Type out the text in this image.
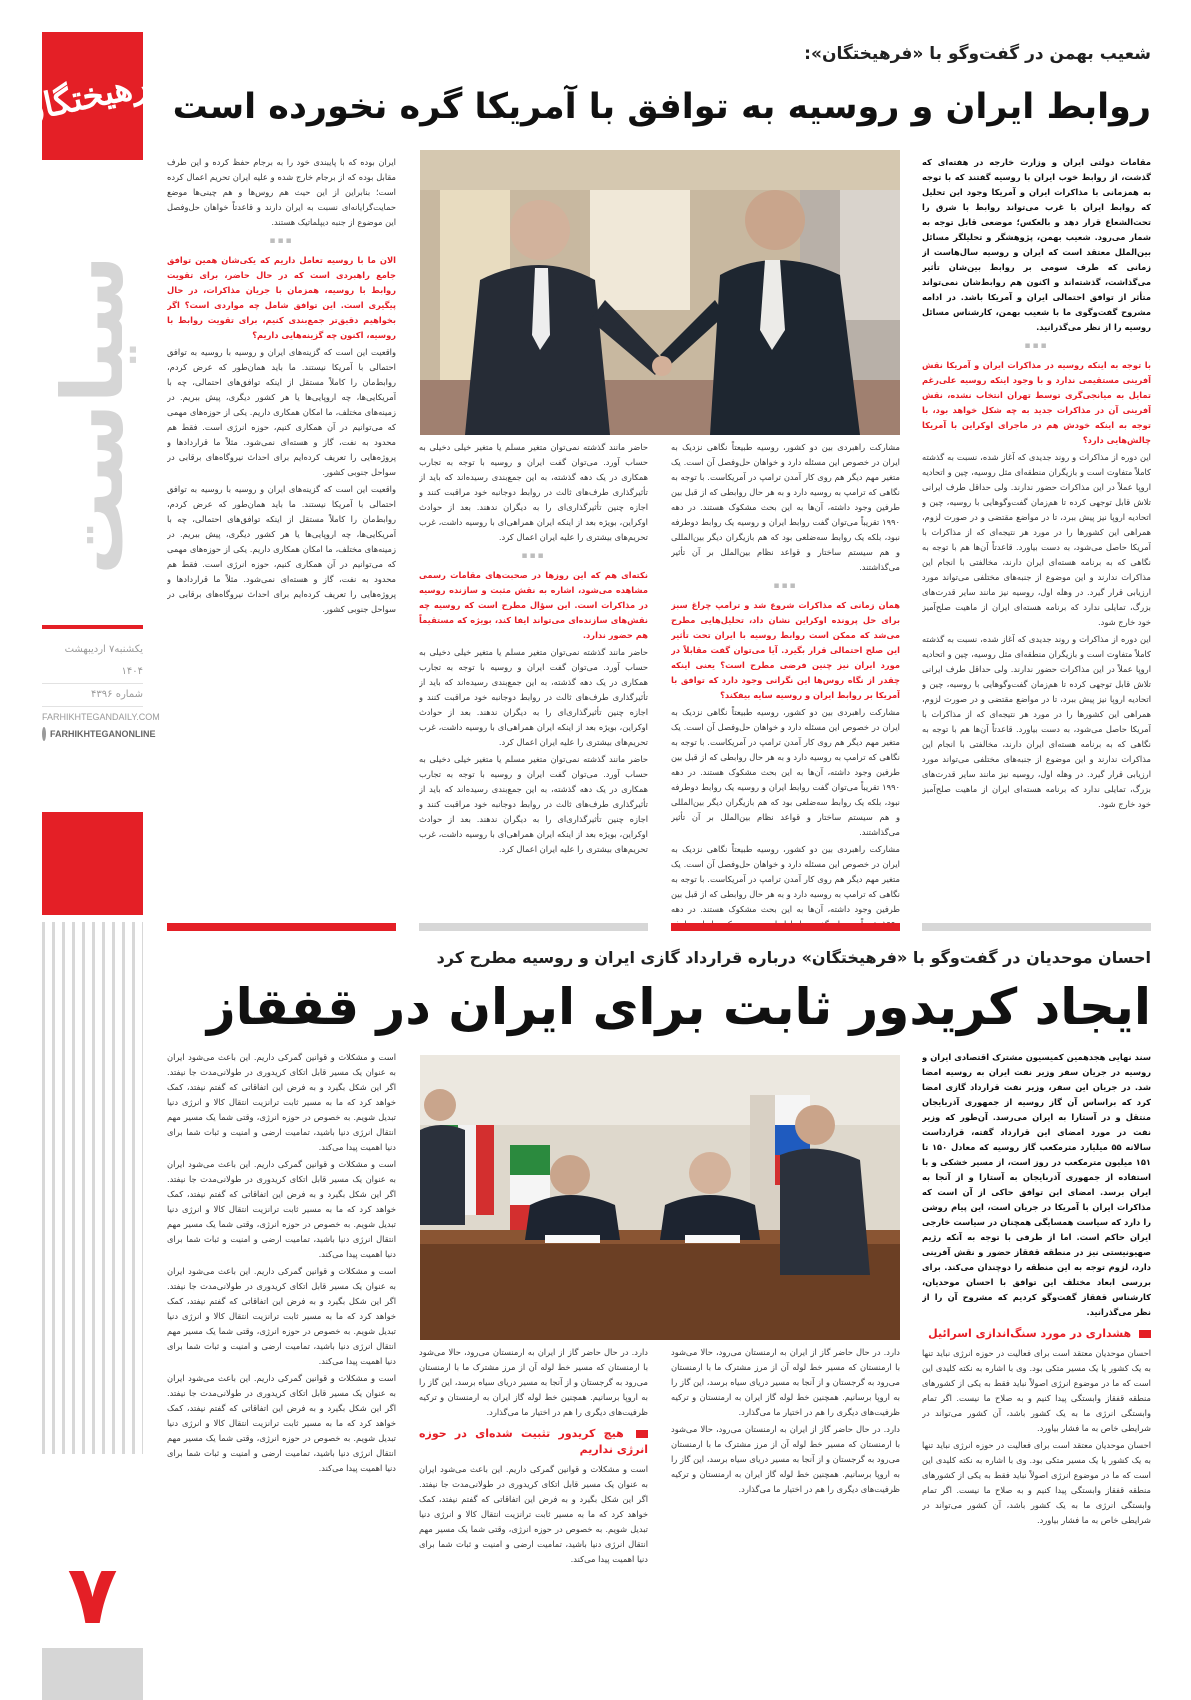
فرهیختگان
سیاست
یکشنبه۷ اردیبهشت ۱۴۰۴
شماره ۴۳۹۶
FARHIKHTEGANDAILY.COM
FARHIKHTEGANONLINE
۷
شعیب بهمن در گفت‌وگو با «فرهیختگان»:
روابط ایران و روسیه به توافق با آمریکا گره نخورده است

مقامات دولتی ایران و وزارت خارجه در هفته‌ای که گذشت، از روابط خوب ایران با روسیه گفتند که با توجه به همزمانی با مذاکرات ایران و آمریکا وجود این تحلیل که روابط ایران با غرب می‌تواند روابط با شرق را تحت‌الشعاع قرار دهد و بالعکس؛ موضعی قابل توجه به شمار می‌رود. شعیب بهمن، پژوهشگر و تحلیلگر مسائل بین‌الملل معتقد است که ایران و روسیه سال‌هاست از زمانی که طرف سومی بر روابط بین‌شان تأثیر می‌گذاشت، گذشته‌اند و اکنون هم روابط‌شان نمی‌تواند متأثر از توافق احتمالی ایران و آمریکا باشد. در ادامه مشروح گفت‌وگوی ما با شعیب بهمن، کارشناس مسائل روسیه را از نظر می‌گذرانید.

▪▪▪

با توجه به اینکه روسیه در مذاکرات ایران و آمریکا نقش آفرینی مستقیمی ندارد و با وجود اینکه روسیه علی‌رغم تمایل به میانجی‌گری توسط تهران انتخاب نشده، نقش آفرینی آن در مذاکرات جدید به چه شکل خواهد بود، با توجه به اینکه خودش هم در ماجرای اوکراین با آمریکا چالش‌هایی دارد؟

این دوره از مذاکرات و روند جدیدی که آغاز شده، نسبت به گذشته کاملاً متفاوت است و بازیگران منطقه‌ای مثل روسیه، چین و اتحادیه اروپا عملاً در این مذاکرات حضور ندارند. ولی حداقل طرف ایرانی تلاش قابل توجهی کرده تا هم‌زمان گفت‌وگوهایی با روسیه، چین و اتحادیه اروپا نیز پیش ببرد، تا در مواضع مقتضی و در صورت لزوم، همراهی این کشورها را در مورد هر نتیجه‌ای که از مذاکرات با آمریکا حاصل می‌شود، به دست بیاورد. قاعدتاً آن‌ها هم با توجه به نگاهی که به برنامه هسته‌ای ایران دارند، مخالفتی با انجام این مذاکرات ندارند و این موضوع از جنبه‌های مختلفی می‌تواند مورد ارزیابی قرار گیرد. در وهله اول، روسیه نیز مانند سایر قدرت‌های بزرگ، تمایلی ندارد که برنامه هسته‌ای ایران از ماهیت صلح‌آمیز خود خارج شود.

این دوره از مذاکرات و روند جدیدی که آغاز شده، نسبت به گذشته کاملاً متفاوت است و بازیگران منطقه‌ای مثل روسیه، چین و اتحادیه اروپا عملاً در این مذاکرات حضور ندارند. ولی حداقل طرف ایرانی تلاش قابل توجهی کرده تا هم‌زمان گفت‌وگوهایی با روسیه، چین و اتحادیه اروپا نیز پیش ببرد، تا در مواضع مقتضی و در صورت لزوم، همراهی این کشورها را در مورد هر نتیجه‌ای که از مذاکرات با آمریکا حاصل می‌شود، به دست بیاورد. قاعدتاً آن‌ها هم با توجه به نگاهی که به برنامه هسته‌ای ایران دارند، مخالفتی با انجام این مذاکرات ندارند و این موضوع از جنبه‌های مختلفی می‌تواند مورد ارزیابی قرار گیرد. در وهله اول، روسیه نیز مانند سایر قدرت‌های بزرگ، تمایلی ندارد که برنامه هسته‌ای ایران از ماهیت صلح‌آمیز خود خارج شود.

مشارکت راهبردی بین دو کشور، روسیه طبیعتاً نگاهی نزدیک به ایران در خصوص این مسئله دارد و خواهان حل‌وفصل آن است. یک متغیر مهم دیگر هم روی کار آمدن ترامپ در آمریکاست. با توجه به نگاهی که ترامپ به روسیه دارد و به هر حال روابطی که از قبل بین طرفین وجود داشته، آن‌ها به این بحث مشکوک هستند. در دهه ۱۹۹۰ تقریباً می‌توان گفت روابط ایران و روسیه یک روابط دوطرفه نبود، بلکه یک روابط سه‌ضلعی بود که هم بازیگران دیگر بین‌المللی و هم سیستم ساختار و قواعد نظام بین‌الملل بر آن تأثیر می‌گذاشتند.

▪▪▪

همان زمانی که مذاکرات شروع شد و ترامپ چراغ سبز برای حل پرونده اوکراین نشان داد، تحلیل‌هایی مطرح می‌شد که ممکن است روابط روسیه با ایران تحت تأثیر این صلح احتمالی قرار بگیرد. آیا می‌توان گفت مقابلاً در مورد ایران نیز چنین فرضی مطرح است؟ یعنی اینکه چقدر از نگاه روس‌ها این نگرانی وجود دارد که توافق با آمریکا بر روابط ایران و روسیه سایه بیفکند؟

مشارکت راهبردی بین دو کشور، روسیه طبیعتاً نگاهی نزدیک به ایران در خصوص این مسئله دارد و خواهان حل‌وفصل آن است. یک متغیر مهم دیگر هم روی کار آمدن ترامپ در آمریکاست. با توجه به نگاهی که ترامپ به روسیه دارد و به هر حال روابطی که از قبل بین طرفین وجود داشته، آن‌ها به این بحث مشکوک هستند. در دهه ۱۹۹۰ تقریباً می‌توان گفت روابط ایران و روسیه یک روابط دوطرفه نبود، بلکه یک روابط سه‌ضلعی بود که هم بازیگران دیگر بین‌المللی و هم سیستم ساختار و قواعد نظام بین‌الملل بر آن تأثیر می‌گذاشتند.

مشارکت راهبردی بین دو کشور، روسیه طبیعتاً نگاهی نزدیک به ایران در خصوص این مسئله دارد و خواهان حل‌وفصل آن است. یک متغیر مهم دیگر هم روی کار آمدن ترامپ در آمریکاست. با توجه به نگاهی که ترامپ به روسیه دارد و به هر حال روابطی که از قبل بین طرفین وجود داشته، آن‌ها به این بحث مشکوک هستند. در دهه

حاضر مانند گذشته نمی‌توان متغیر مسلم یا متغیر خیلی دخیلی به حساب آورد. می‌توان گفت ایران و روسیه با توجه به تجارب همکاری در یک دهه گذشته، به این جمع‌بندی رسیده‌اند که باید از تأثیرگذاری طرف‌های ثالث در روابط دوجانبه خود مراقبت کنند و اجازه چنین تأثیرگذاری‌ای را به دیگران ندهند. بعد از حوادث اوکراین، بویژه بعد از اینکه ایران همراهی‌ای با روسیه داشت، غرب تحریم‌های بیشتری را علیه ایران اعمال کرد.

▪▪▪

نکته‌ای هم که این روزها در صحبت‌های مقامات رسمی مشاهده می‌شود، اشاره به نقش مثبت و سازنده روسیه در مذاکرات است. این سؤال مطرح است که روسیه چه نقش‌های سازنده‌ای می‌تواند ایفا کند، بویژه که مستقیماً هم حضور ندارد.

حاضر مانند گذشته نمی‌توان متغیر مسلم یا متغیر خیلی دخیلی به حساب آورد. می‌توان گفت ایران و روسیه با توجه به تجارب همکاری در یک دهه گذشته، به این جمع‌بندی رسیده‌اند که باید از تأثیرگذاری طرف‌های ثالث در روابط دوجانبه خود مراقبت کنند و اجازه چنین تأثیرگذاری‌ای را به دیگران ندهند. بعد از حوادث اوکراین، بویژه بعد از اینکه ایران همراهی‌ای با روسیه داشت، غرب تحریم‌های بیشتری را علیه ایران اعمال کرد.

حاضر مانند گذشته نمی‌توان متغیر مسلم یا متغیر خیلی دخیلی به حساب آورد. می‌توان گفت ایران و روسیه با توجه به تجارب همکاری در یک دهه گذشته، به این جمع‌بندی رسیده‌اند که باید از تأثیرگذاری طرف‌های ثالث در روابط دوجانبه خود مراقبت کنند و اجازه چنین تأثیرگذاری‌ای را به دیگران ندهند. بعد از حوادث اوکراین، بویژه بعد از اینکه ایران همراهی‌ای با روسیه داشت، غرب تحریم‌های بیشتری را علیه ایران اعمال کرد.

ایران بوده که با پایبندی خود را به برجام حفظ کرده و این طرف مقابل بوده که از برجام خارج شده و علیه ایران تحریم اعمال کرده است؛ بنابراین از این حیث هم روس‌ها و هم چینی‌ها موضع حمایت‌گرایانه‌ای نسبت به ایران دارند و قاعدتاً خواهان حل‌وفصل این موضوع از جنبه دیپلماتیک هستند.

▪▪▪

الان ما با روسیه تعامل داریم که یکی‌شان همین توافق جامع راهبردی است که در حال حاضر، برای تقویت روابط با روسیه، همزمان با جریان مذاکرات، در حال پیگیری است. این توافق شامل چه مواردی است؟ اگر بخواهیم دقیق‌تر جمع‌بندی کنیم، برای تقویت روابط با روسیه، اکنون چه گزینه‌هایی داریم؟

واقعیت این است که گزینه‌های ایران و روسیه با روسیه به توافق احتمالی با آمریکا نیستند. ما باید همان‌طور که عرض کردم، روابط‌مان را کاملاً مستقل از اینکه توافق‌های احتمالی، چه با آمریکایی‌ها، چه اروپایی‌ها یا هر کشور دیگری، پیش ببریم. در زمینه‌های مختلف، ما امکان همکاری داریم. یکی از حوزه‌های مهمی که می‌توانیم در آن همکاری کنیم، حوزه انرژی است. فقط هم محدود به نفت، گاز و هسته‌ای نمی‌شود. مثلاً ما قراردادها و پروژه‌هایی را تعریف کرده‌ایم برای احداث نیروگاه‌های برقابی در سواحل جنوبی کشور.

واقعیت این است که گزینه‌های ایران و روسیه با روسیه به توافق احتمالی با آمریکا نیستند. ما باید همان‌طور که عرض کردم، روابط‌مان را کاملاً مستقل از اینکه توافق‌های احتمالی، چه با آمریکایی‌ها، چه اروپایی‌ها یا هر کشور دیگری، پیش ببریم. در زمینه‌های مختلف، ما امکان همکاری داریم. یکی از حوزه‌های مهمی که می‌توانیم در آن همکاری کنیم، حوزه انرژی است. فقط هم محدود به نفت، گاز و هسته‌ای نمی‌شود. مثلاً ما قراردادها و پروژه‌هایی را تعریف کرده‌ایم برای احداث نیروگاه‌های برقابی در سواحل جنوبی کشور.

احسان موحدیان در گفت‌وگو با «فرهیختگان» درباره قرارداد گازی ایران و روسیه مطرح کرد
ایجاد کریدور ثابت برای ایران در قفقاز

سند نهایی هجدهمین کمیسیون مشترک اقتصادی ایران و روسیه در جریان سفر وزیر نفت ایران به روسیه امضا شد. در جریان این سفر، وزیر نفت قرارداد گازی امضا کرد که براساس آن گاز روسیه از جمهوری آذربایجان منتقل و در آستارا به ایران می‌رسد. آن‌طور که وزیر نفت در مورد امضای این قرارداد گفته، قرارداست سالانه ۵۵ میلیارد مترمکعب گاز روسیه که معادل ۱۵۰ تا ۱۵۱ میلیون مترمکعب در روز است، از مسیر خشکی و با استفاده از جمهوری آذربایجان به آستارا و از آنجا به ایران برسد. امضای این توافق حاکی از آن است که مذاکرات ایران با آمریکا در جریان است، این پیام روشن را دارد که سیاست همسایگی همچنان در سیاست خارجی ایران حاکم است. اما از طرفی با توجه به آنکه رژیم صهیونیستی نیز در منطقه قفقاز حضور و نقش آفرینی دارد، لزوم توجه به این منطقه را دوچندان می‌کند. برای بررسی ابعاد مختلف این توافق با احسان موحدیان، کارشناس قفقاز گفت‌وگو کردیم که مشروح آن را از نظر می‌گذرانید.

هشداری در مورد سنگ‌اندازی اسرائیل

احسان موحدیان معتقد است برای فعالیت در حوزه انرژی نباید تنها به یک کشور یا یک مسیر متکی بود. وی با اشاره به نکته کلیدی این است که ما در موضوع انرژی اصولاً نباید فقط به یکی از کشورهای منطقه قفقاز وابستگی پیدا کنیم و به صلاح ما نیست. اگر تمام وابستگی انرژی ما به یک کشور باشد، آن کشور می‌تواند در شرایطی خاص به ما فشار بیاورد.

احسان موحدیان معتقد است برای فعالیت در حوزه انرژی نباید تنها به یک کشور یا یک مسیر متکی بود. وی با اشاره به نکته کلیدی این است که ما در موضوع انرژی اصولاً نباید فقط به یکی از کشورهای منطقه قفقاز وابستگی پیدا کنیم و به صلاح ما نیست. اگر تمام وابستگی انرژی ما به یک کشور باشد، آن کشور می‌تواند در شرایطی خاص به ما فشار بیاورد.

دارد. در حال حاضر گاز از ایران به ارمنستان می‌رود، حالا می‌شود با ارمنستان که مسیر خط لوله آن از مرز مشترک ما با ارمنستان می‌رود به گرجستان و از آنجا به مسیر دریای سیاه برسد، این گاز را به اروپا برسانیم. همچنین خط لوله گاز ایران به ارمنستان و ترکیه ظرفیت‌های دیگری را هم در اختیار ما می‌گذارد.

دارد. در حال حاضر گاز از ایران به ارمنستان می‌رود، حالا می‌شود با ارمنستان که مسیر خط لوله آن از مرز مشترک ما با ارمنستان می‌رود به گرجستان و از آنجا به مسیر دریای سیاه برسد، این گاز را به اروپا برسانیم. همچنین خط لوله گاز ایران به ارمنستان و ترکیه ظرفیت‌های دیگری را هم در اختیار ما می‌گذارد.

دارد. در حال حاضر گاز از ایران به ارمنستان می‌رود، حالا می‌شود با ارمنستان که مسیر خط لوله آن از مرز مشترک ما با ارمنستان می‌رود به گرجستان و از آنجا به مسیر دریای سیاه برسد، این گاز را به اروپا برسانیم. همچنین خط لوله گاز ایران به ارمنستان و ترکیه ظرفیت‌های دیگری را هم در اختیار ما می‌گذارد.

هیچ کریدور تثبیت شده‌ای در حوزه انرژی نداریم

است و مشکلات و قوانین گمرکی داریم. این باعث می‌شود ایران به عنوان یک مسیر قابل اتکای کریدوری در طولانی‌مدت جا نیفتد. اگر این شکل بگیرد و به فرض این اتفاقاتی که گفتم نیفتد، کمک خواهد کرد که ما به مسیر ثابت ترانزیت انتقال کالا و انرژی دنیا تبدیل شویم. به خصوص در حوزه انرژی، وقتی شما یک مسیر مهم انتقال انرژی دنیا باشید، تمامیت ارضی و امنیت و ثبات شما برای دنیا اهمیت پیدا می‌کند.

است و مشکلات و قوانین گمرکی داریم. این باعث می‌شود ایران به عنوان یک مسیر قابل اتکای کریدوری در طولانی‌مدت جا نیفتد. اگر این شکل بگیرد و به فرض این اتفاقاتی که گفتم نیفتد، کمک خواهد کرد که ما به مسیر ثابت ترانزیت انتقال کالا و انرژی دنیا تبدیل شویم. به خصوص در حوزه انرژی، وقتی شما یک مسیر مهم انتقال انرژی دنیا باشید، تمامیت ارضی و امنیت و ثبات شما برای دنیا اهمیت پیدا می‌کند.

است و مشکلات و قوانین گمرکی داریم. این باعث می‌شود ایران به عنوان یک مسیر قابل اتکای کریدوری در طولانی‌مدت جا نیفتد. اگر این شکل بگیرد و به فرض این اتفاقاتی که گفتم نیفتد، کمک خواهد کرد که ما به مسیر ثابت ترانزیت انتقال کالا و انرژی دنیا تبدیل شویم. به خصوص در حوزه انرژی، وقتی شما یک مسیر مهم انتقال انرژی دنیا باشید، تمامیت ارضی و امنیت و ثبات شما برای دنیا اهمیت پیدا می‌کند.

است و مشکلات و قوانین گمرکی داریم. این باعث می‌شود ایران به عنوان یک مسیر قابل اتکای کریدوری در طولانی‌مدت جا نیفتد. اگر این شکل بگیرد و به فرض این اتفاقاتی که گفتم نیفتد، کمک خواهد کرد که ما به مسیر ثابت ترانزیت انتقال کالا و انرژی دنیا تبدیل شویم. به خصوص در حوزه انرژی، وقتی شما یک مسیر مهم انتقال انرژی دنیا باشید، تمامیت ارضی و امنیت و ثبات شما برای دنیا اهمیت پیدا می‌کند.

است و مشکلات و قوانین گمرکی داریم. این باعث می‌شود ایران به عنوان یک مسیر قابل اتکای کریدوری در طولانی‌مدت جا نیفتد. اگر این شکل بگیرد و به فرض این اتفاقاتی که گفتم نیفتد، کمک خواهد کرد که ما به مسیر ثابت ترانزیت انتقال کالا و انرژی دنیا تبدیل شویم. به خصوص در حوزه انرژی، وقتی شما یک مسیر مهم انتقال انرژی دنیا باشید، تمامیت ارضی و امنیت و ثبات شما برای دنیا اهمیت پیدا می‌کند.
